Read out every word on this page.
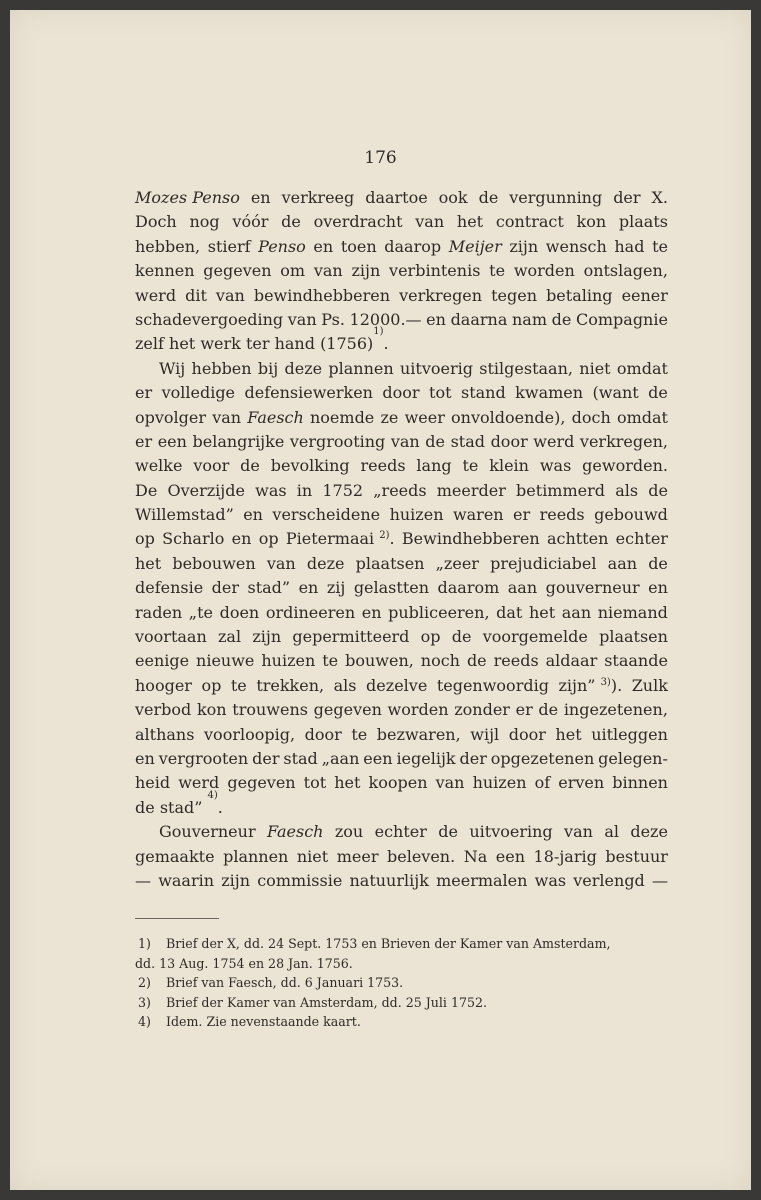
176
Mozes Penso en verkreeg daartoe ook de vergunning der X.
Doch nog vóór de overdracht van het contract kon plaats
hebben, stierf Penso en toen daarop Meijer zijn wensch had te
kennen gegeven om van zijn verbintenis te worden ontslagen,
werd dit van bewindhebberen verkregen tegen betaling eener
schadevergoeding van Ps. 12000.— en daarna nam de Compagnie
zelf
het
werk
ter
hand
(1756)
1)
.
Wij hebben bij deze plannen uitvoerig stilgestaan, niet omdat
er volledige defensiewerken door tot stand kwamen (want de
opvolger van Faesch noemde ze weer onvoldoende), doch omdat
er een belangrijke vergrooting van de stad door werd verkregen,
welke voor de bevolking reeds lang te klein was geworden.
De Overzijde was in 1752 „reeds meerder betimmerd als de
Willemstad” en verscheidene huizen waren er reeds gebouwd
op Scharlo en op Pietermaai $^{2)}$. Bewindhebberen achtten echter
het bebouwen van deze plaatsen „zeer prejudiciabel aan de
defensie der stad” en zij gelastten daarom aan gouverneur en
raden „te doen ordineeren en publiceeren, dat het aan niemand
voortaan zal zijn gepermitteerd op de voorgemelde plaatsen
eenige nieuwe huizen te bouwen, noch de reeds aldaar staande
hooger op te trekken, als dezelve tegenwoordig zijn” $^{3)}$). Zulk
verbod kon trouwens gegeven worden zonder er de ingezetenen,
althans voorloopig, door te bezwaren, wijl door het uitleggen
en vergrooten der stad „aan een iegelijk der opgezetenen gelegen-
heid werd gegeven tot het koopen van huizen of erven binnen
de
stad”

4)
.
Gouverneur Faesch zou echter de uitvoering van al deze
gemaakte plannen niet meer beleven. Na een 18-jarig bestuur
— waarin zijn commissie natuurlijk meermalen was verlengd —
1)	Brief der X, dd. 24 Sept. 1753 en Brieven der Kamer van Amsterdam,
dd. 13 Aug. 1754 en 28 Jan. 1756.
2)	Brief van Faesch, dd. 6 Januari 1753.
3)	Brief der Kamer van Amsterdam, dd. 25 Juli 1752.
4)	Idem. Zie nevenstaande kaart.
